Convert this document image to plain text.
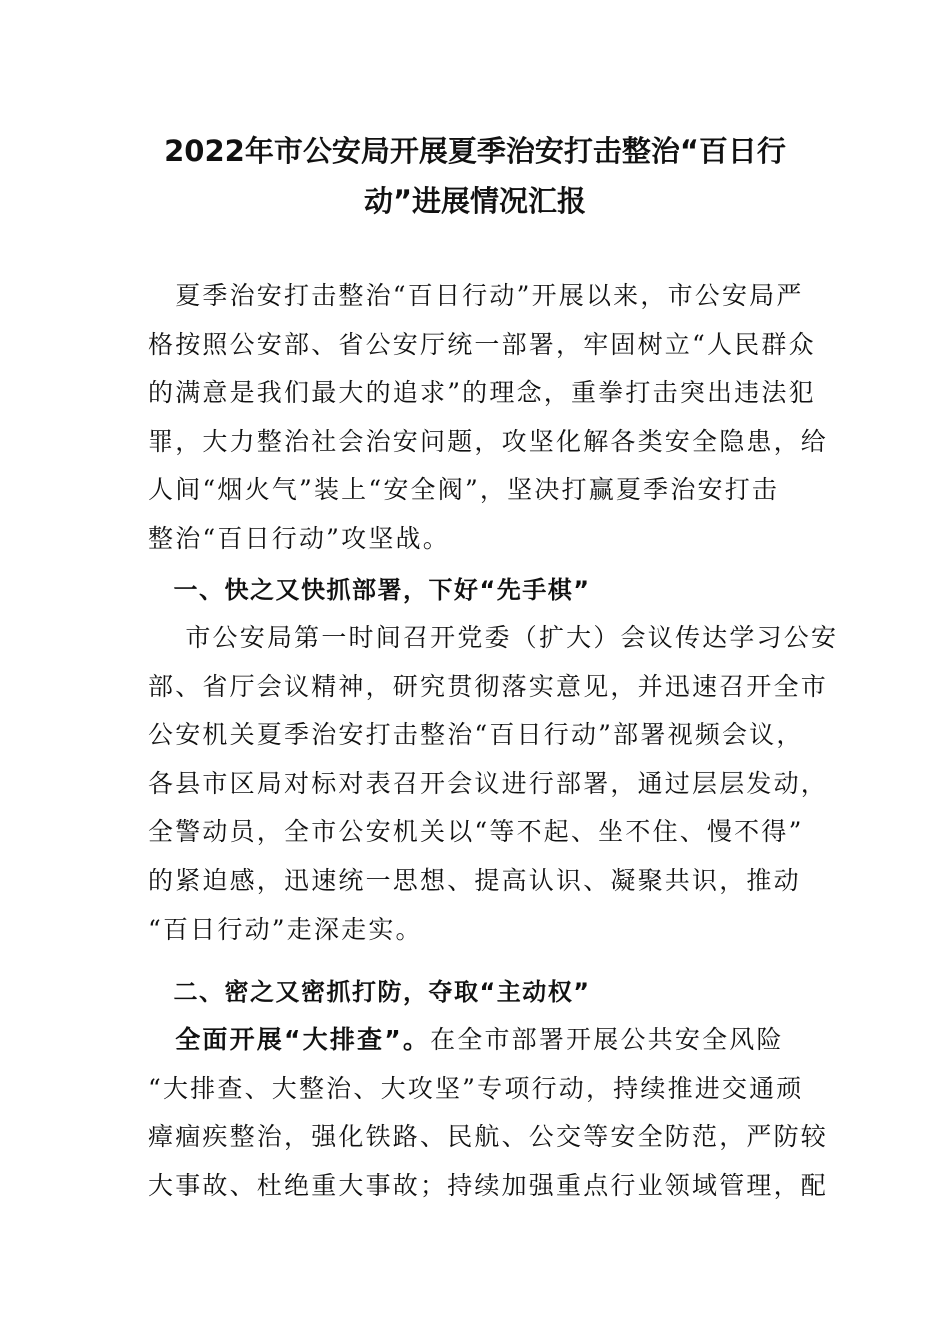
2022年市公安局开展夏季治安打击整治“百日行
动”进展情况汇报
　夏季治安打击整治“百日行动”开展以来，市公安局严
格按照公安部、省公安厅统一部署，牢固树立“人民群众
的满意是我们最大的追求”的理念，重拳打击突出违法犯
罪，大力整治社会治安问题，攻坚化解各类安全隐患，给
人间“烟火气”装上“安全阀”，坚决打赢夏季治安打击
整治“百日行动”攻坚战。
　一、快之又快抓部署，下好“先手棋”
　 市公安局第一时间召开党委（扩大）会议传达学习公安
部、省厅会议精神，研究贯彻落实意见，并迅速召开全市
公安机关夏季治安打击整治“百日行动”部署视频会议，
各县市区局对标对表召开会议进行部署，通过层层发动，
全警动员，全市公安机关以“等不起、坐不住、慢不得”
的紧迫感，迅速统一思想、提高认识、凝聚共识，推动
“百日行动”走深走实。
　二、密之又密抓打防，夺取“主动权”
　全面开展“大排查”。在全市部署开展公共安全风险
“大排查、大整治、大攻坚”专项行动，持续推进交通顽
瘴痼疾整治，强化铁路、民航、公交等安全防范，严防较
大事故、杜绝重大事故；持续加强重点行业领域管理，配
